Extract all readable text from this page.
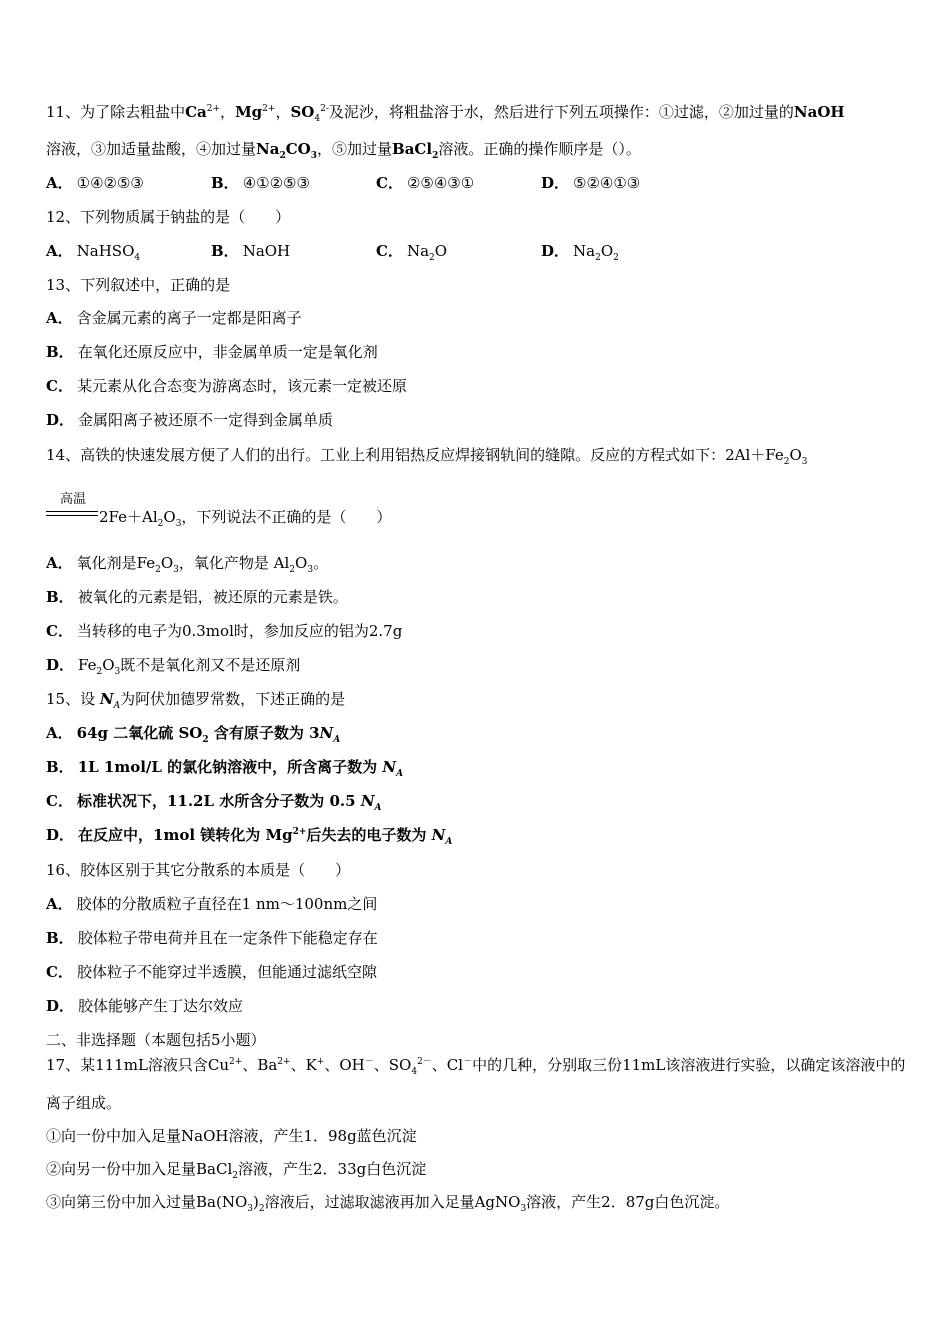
11、为了除去粗盐中$Ca^{2+}$，$Mg^{2+}$，$SO_4^{2-}$及泥沙，将粗盐溶于水，然后进行下列五项操作：①过滤，②加过量的NaOH
溶液，③加适量盐酸，④加过量$Na_2CO_3$，⑤加过量BaCl$_2$溶液。正确的操作顺序是（）。
A． ①④②⑤③	B． ④①②⑤③	C． ②⑤④③①	D． ⑤②④①③
12、下列物质属于钠盐的是（　　）
A． NaHSO$_4$	B． NaOH	C． $Na_2O$	D． $Na_2O_2$
13、下列叙述中，正确的是
A． 含金属元素的离子一定都是阳离子
B． 在氧化还原反应中，非金属单质一定是氧化剂
C． 某元素从化合态变为游离态时，该元素一定被还原
D． 金属阳离子被还原不一定得到金属单质
14、高铁的快速发展方便了人们的出行。工业上利用铝热反应焊接钢轨间的缝隙。反应的方程式如下：$2Al+Fe_2O_3$
高温
$2Fe+Al_2O_3$，下列说法不正确的是（　　）
A． 氧化剂是$Fe_2O_3$，氧化产物是 $Al_2O_3$。
B． 被氧化的元素是铝，被还原的元素是铁。
C． 当转移的电子为0.3mol时，参加反应的铝为2.7g
D． $Fe_2O_3$既不是氧化剂又不是还原剂
15、设 $N_A$为阿伏加德罗常数，下述正确的是
A． 64g 二氧化硫 $SO_2$ 含有原子数为 $3N_A$
B． 1L 1mol/L 的氯化钠溶液中，所含离子数为 $N_A$
C． 标准状况下，11.2L 水所含分子数为 0.5 $N_A$
D． 在反应中，1mol 镁转化为 $Mg^{2+}$后失去的电子数为 $N_A$
16、胶体区别于其它分散系的本质是（　　）
A． 胶体的分散质粒子直径在1 nm～100nm之间
B． 胶体粒子带电荷并且在一定条件下能稳定存在
C． 胶体粒子不能穿过半透膜，但能通过滤纸空隙
D． 胶体能够产生丁达尔效应
二、非选择题（本题包括5小题）
17、某111mL溶液只含$Cu^{2+}$、$Ba^{2+}$、K+、OH－、$SO_4^{2-}$、Cl－中的几种，分别取三份11mL该溶液进行实验，以确定该溶液中的
离子组成。
①向一份中加入足量NaOH溶液，产生1．98g蓝色沉淀
②向另一份中加入足量BaCl$_2$溶液，产生2．33g白色沉淀
③向第三份中加入过量$Ba(NO_3)_2$溶液后，过滤取滤液再加入足量AgNO$_3$溶液，产生2．87g白色沉淀。
